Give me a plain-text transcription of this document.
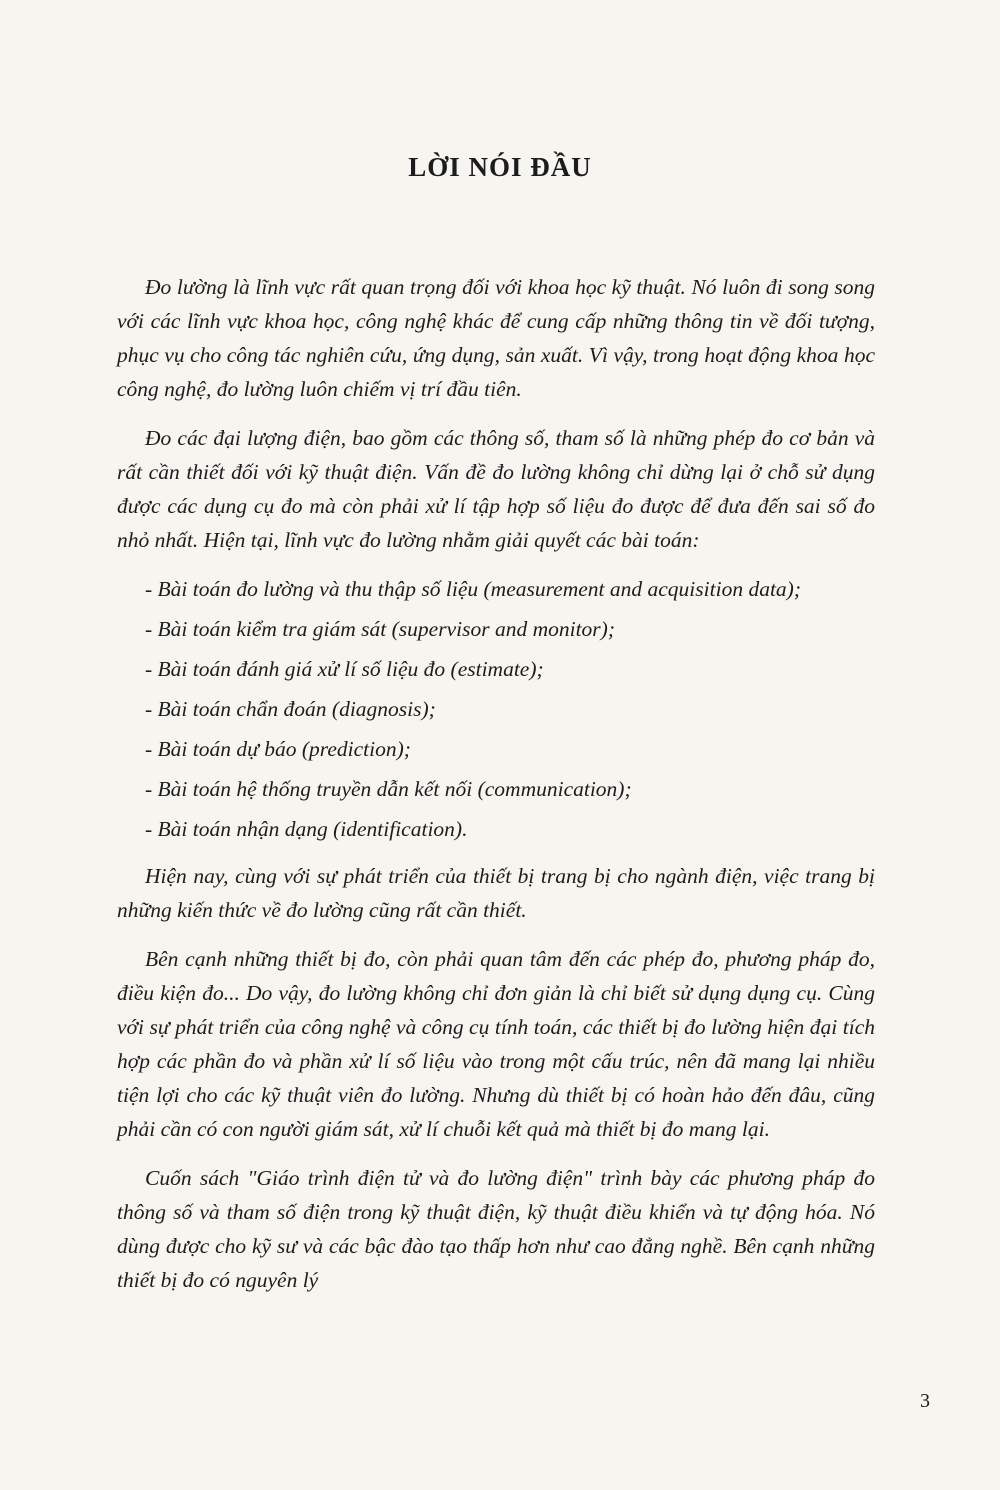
LỜI NÓI ĐẦU

Đo lường là lĩnh vực rất quan trọng đối với khoa học kỹ thuật. Nó luôn đi song song với các lĩnh vực khoa học, công nghệ khác để cung cấp những thông tin về đối tượng, phục vụ cho công tác nghiên cứu, ứng dụng, sản xuất. Vì vậy, trong hoạt động khoa học công nghệ, đo lường luôn chiếm vị trí đầu tiên.

Đo các đại lượng điện, bao gồm các thông số, tham số là những phép đo cơ bản và rất cần thiết đối với kỹ thuật điện. Vấn đề đo lường không chỉ dừng lại ở chỗ sử dụng được các dụng cụ đo mà còn phải xử lí tập hợp số liệu đo được để đưa đến sai số đo nhỏ nhất. Hiện tại, lĩnh vực đo lường nhằm giải quyết các bài toán:

- Bài toán đo lường và thu thập số liệu (measurement and acquisition data);
- Bài toán kiểm tra giám sát (supervisor and monitor);
- Bài toán đánh giá xử lí số liệu đo (estimate);
- Bài toán chẩn đoán (diagnosis);
- Bài toán dự báo (prediction);
- Bài toán hệ thống truyền dẫn kết nối (communication);
- Bài toán nhận dạng (identification).

Hiện nay, cùng với sự phát triển của thiết bị trang bị cho ngành điện, việc trang bị những kiến thức về đo lường cũng rất cần thiết.

Bên cạnh những thiết bị đo, còn phải quan tâm đến các phép đo, phương pháp đo, điều kiện đo... Do vậy, đo lường không chỉ đơn giản là chỉ biết sử dụng dụng cụ. Cùng với sự phát triển của công nghệ và công cụ tính toán, các thiết bị đo lường hiện đại tích hợp các phần đo và phần xử lí số liệu vào trong một cấu trúc, nên đã mang lại nhiều tiện lợi cho các kỹ thuật viên đo lường. Nhưng dù thiết bị có hoàn hảo đến đâu, cũng phải cần có con người giám sát, xử lí chuỗi kết quả mà thiết bị đo mang lại.

Cuốn sách "Giáo trình điện tử và đo lường điện" trình bày các phương pháp đo thông số và tham số điện trong kỹ thuật điện, kỹ thuật điều khiển và tự động hóa. Nó dùng được cho kỹ sư và các bậc đào tạo thấp hơn như cao đẳng nghề. Bên cạnh những thiết bị đo có nguyên lý

3
